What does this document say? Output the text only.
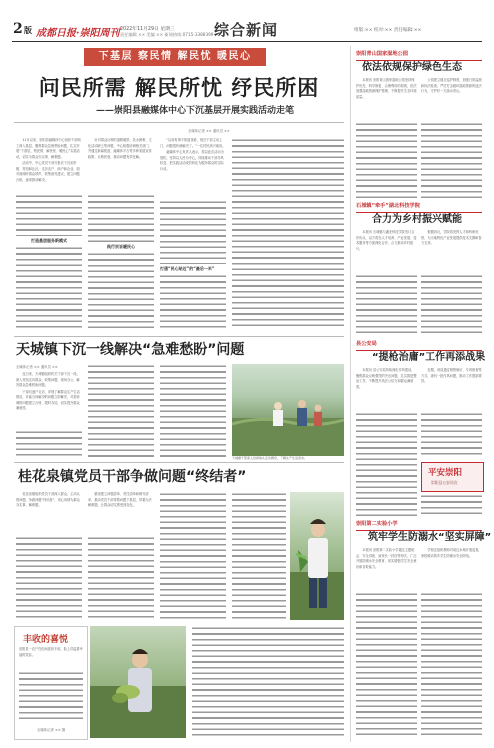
2 版 成都日报·崇阳周刊 2022年11月29日 星期三
责任编辑 ×× 美编 ×× 新闻热线:0715-3388399 综合新闻	组版:×× 校对:×× 责任编辑:××
下基层 察民情 解民忧 暖民心
问民所需 解民所忧 纾民所困
——崇阳县融媒体中心下沉基层开展实践活动走笔
全媒体记者 ×× 通讯员 ××

11月以来，崇阳县融媒体中心组织干部职工深入基层，聚焦群众急难愁盼问题，扎实开展“下基层、察民情、解民忧、暖民心”实践活动，切实为群众办实事、解难题。

活动中，中心党员干部分批次下沉到乡镇、村组和社区，走访农户、商户和企业，面对面倾听群众呼声，收集意见建议，建立问题台账，逐项推动解决。

打造基层服务新模式

针对群众反映的道路破损、饮水困难、文化活动缺乏等问题，中心积极协调相关部门，并通过新闻报道、融媒体平台等多种渠道宣传政策、反映民意，推动问题有效化解。

践行宗旨暖民心

“以前有事不知道找谁，现在干部主动上门，问题很快就解决了。”一位村民高兴地说。

融媒体中心负责人表示，将以此次活动为契机，坚持以人民为中心，持续推动干部作风转变，把实践活动成效转化为服务群众的实际行动。

打通“民心贴近”的“最后一米”
天城镇下沉一线解决“急难愁盼”问题
全媒体记者 ×× 通讯员 ××

连日来，天城镇组织机关干部下沉一线，深入村组走访群众，收集问题，现场办公，解决群众急难愁盼问题。

干部们逐户走访，详细了解群众生产生活情况，对能当场解决的问题立即解决，对需协调的问题建立台账、限时办结，切实提升群众满意度。

天城镇干部深入田间地头走访群众，了解生产生活需求。
桂花泉镇党员干部争做问题“终结者”

桂花泉镇组织党员干部深入群众，主动认领问题，争做问题“终结者”，用心用情为群众办实事、解难题。

镇里建立问题清单、责任清单和销号清单，推动党员干部带着问题下基层，带着办法解难题，让群众切实感受到变化。

丰收的喜悦
崇阳县一农户在田间喜获丰收，脸上洋溢着幸福的笑容。
全媒体记者 ×× 摄
崇阳青山国家湿地公园
依法依规保护绿色生态

本报讯 崇阳青山国家湿地公园坚持保护优先、科学修复、合理利用的原则，依法加强湿地资源保护管理，不断提升生态环境质量。

公园建立健全巡护制度，加强日常监测和执法检查，严厉打击破坏湿地资源的违法行为，守护好一方绿水青山。

石城镇“牵手”湖北科技学院
合力为乡村振兴赋能

本报讯 石城镇与湖北科技学院签订合作协议，双方将在人才培养、产业发展、技术服务等方面深化合作，合力推动乡村振兴。

根据协议，学院将发挥人才和科研优势，为当地特色产业发展提供技术支撑和智力支持。

县公安局
“提枪治庸”工作再添战果

本报讯 县公安局持续深化作风建设，聚焦群众反映强烈的突出问题，扎实推进整治工作，不断提升执法公信力和群众满意度。

近期，该局通过明察暗访、专项督查等方式，查纠一批作风问题，推动工作提质增效。

平安崇阳
崇阳县公安局宣
崇阳第二实验小学
筑牢学生防溺水“坚实屏障”

本报讯 崇阳第二实验小学通过主题班会、安全讲座、致家长一封信等形式，广泛开展防溺水安全教育，切实增强学生安全意识和自救能力。

学校还组织教师对周边水域开展巡查，家校联动筑牢学生防溺水安全防线。
